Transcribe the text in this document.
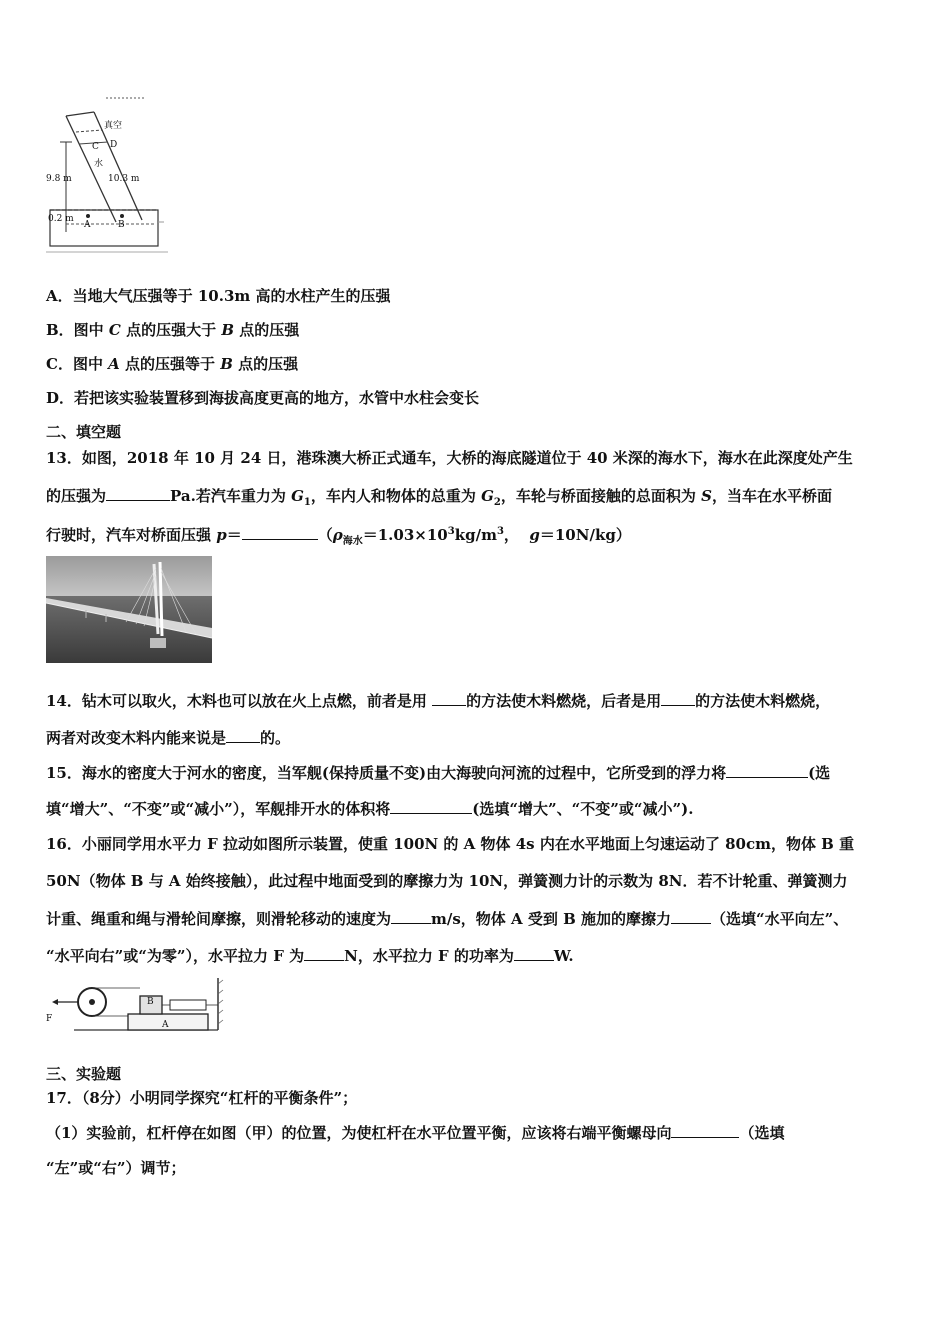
真空
C D
9.8 m	10.3 m
0.2 m
A	B
水
A．当地大气压强等于 10.3m 高的水柱产生的压强
B．图中 C 点的压强大于 B 点的压强
C．图中 A 点的压强等于 B 点的压强
D．若把该实验装置移到海拔高度更高的地方，水管中水柱会变长
二、填空题
13．如图，2018 年 10 月 24 日，港珠澳大桥正式通车，大桥的海底隧道位于 40 米深的海水下，海水在此深度处产生
的压强为	Pa.若汽车重力为 $G_1$，车内人和物体的总重为 $G_2$，车轮与桥面接触的总面积为 S，当车在水平桥面
行驶时，汽车对桥面压强 p＝	（$\rho_{海水}=1.03\times 10^3kg/m^3$， g＝10N/kg）
14．钻木可以取火，木料也可以放在火上点燃，前者是用 的方法使木料燃烧，后者是用 的方法使木料燃烧，
两者对改变木料内能来说是 的。
15．海水的密度大于河水的密度，当军舰(保持质量不变)由大海驶向河流的过程中，它所受到的浮力将	(选
填“增大”、“不变”或“减小”），军舰排开水的体积将	(选填“增大”、“不变”或“减小”).
16．小丽同学用水平力 F 拉动如图所示装置，使重 100N 的 A 物体 4s 内在水平地面上匀速运动了 80cm，物体 B 重
50N（物体 B 与 A 始终接触），此过程中地面受到的摩擦力为 10N，弹簧测力计的示数为 8N．若不计轮重、弹簧测力
计重、绳重和绳与滑轮间摩擦，则滑轮移动的速度为	m/s，物体 A 受到 B 施加的摩擦力	（选填“水平向左”、
“水平向右”或“为零”），水平拉力 F 为	N，水平拉力 F 的功率为	W.
F
B
A
三、实验题
17．（8分）小明同学探究“杠杆的平衡条件”；
（1）实验前，杠杆停在如图（甲）的位置，为使杠杆在水平位置平衡，应该将右端平衡螺母向	（选填
“左”或“右”）调节；
